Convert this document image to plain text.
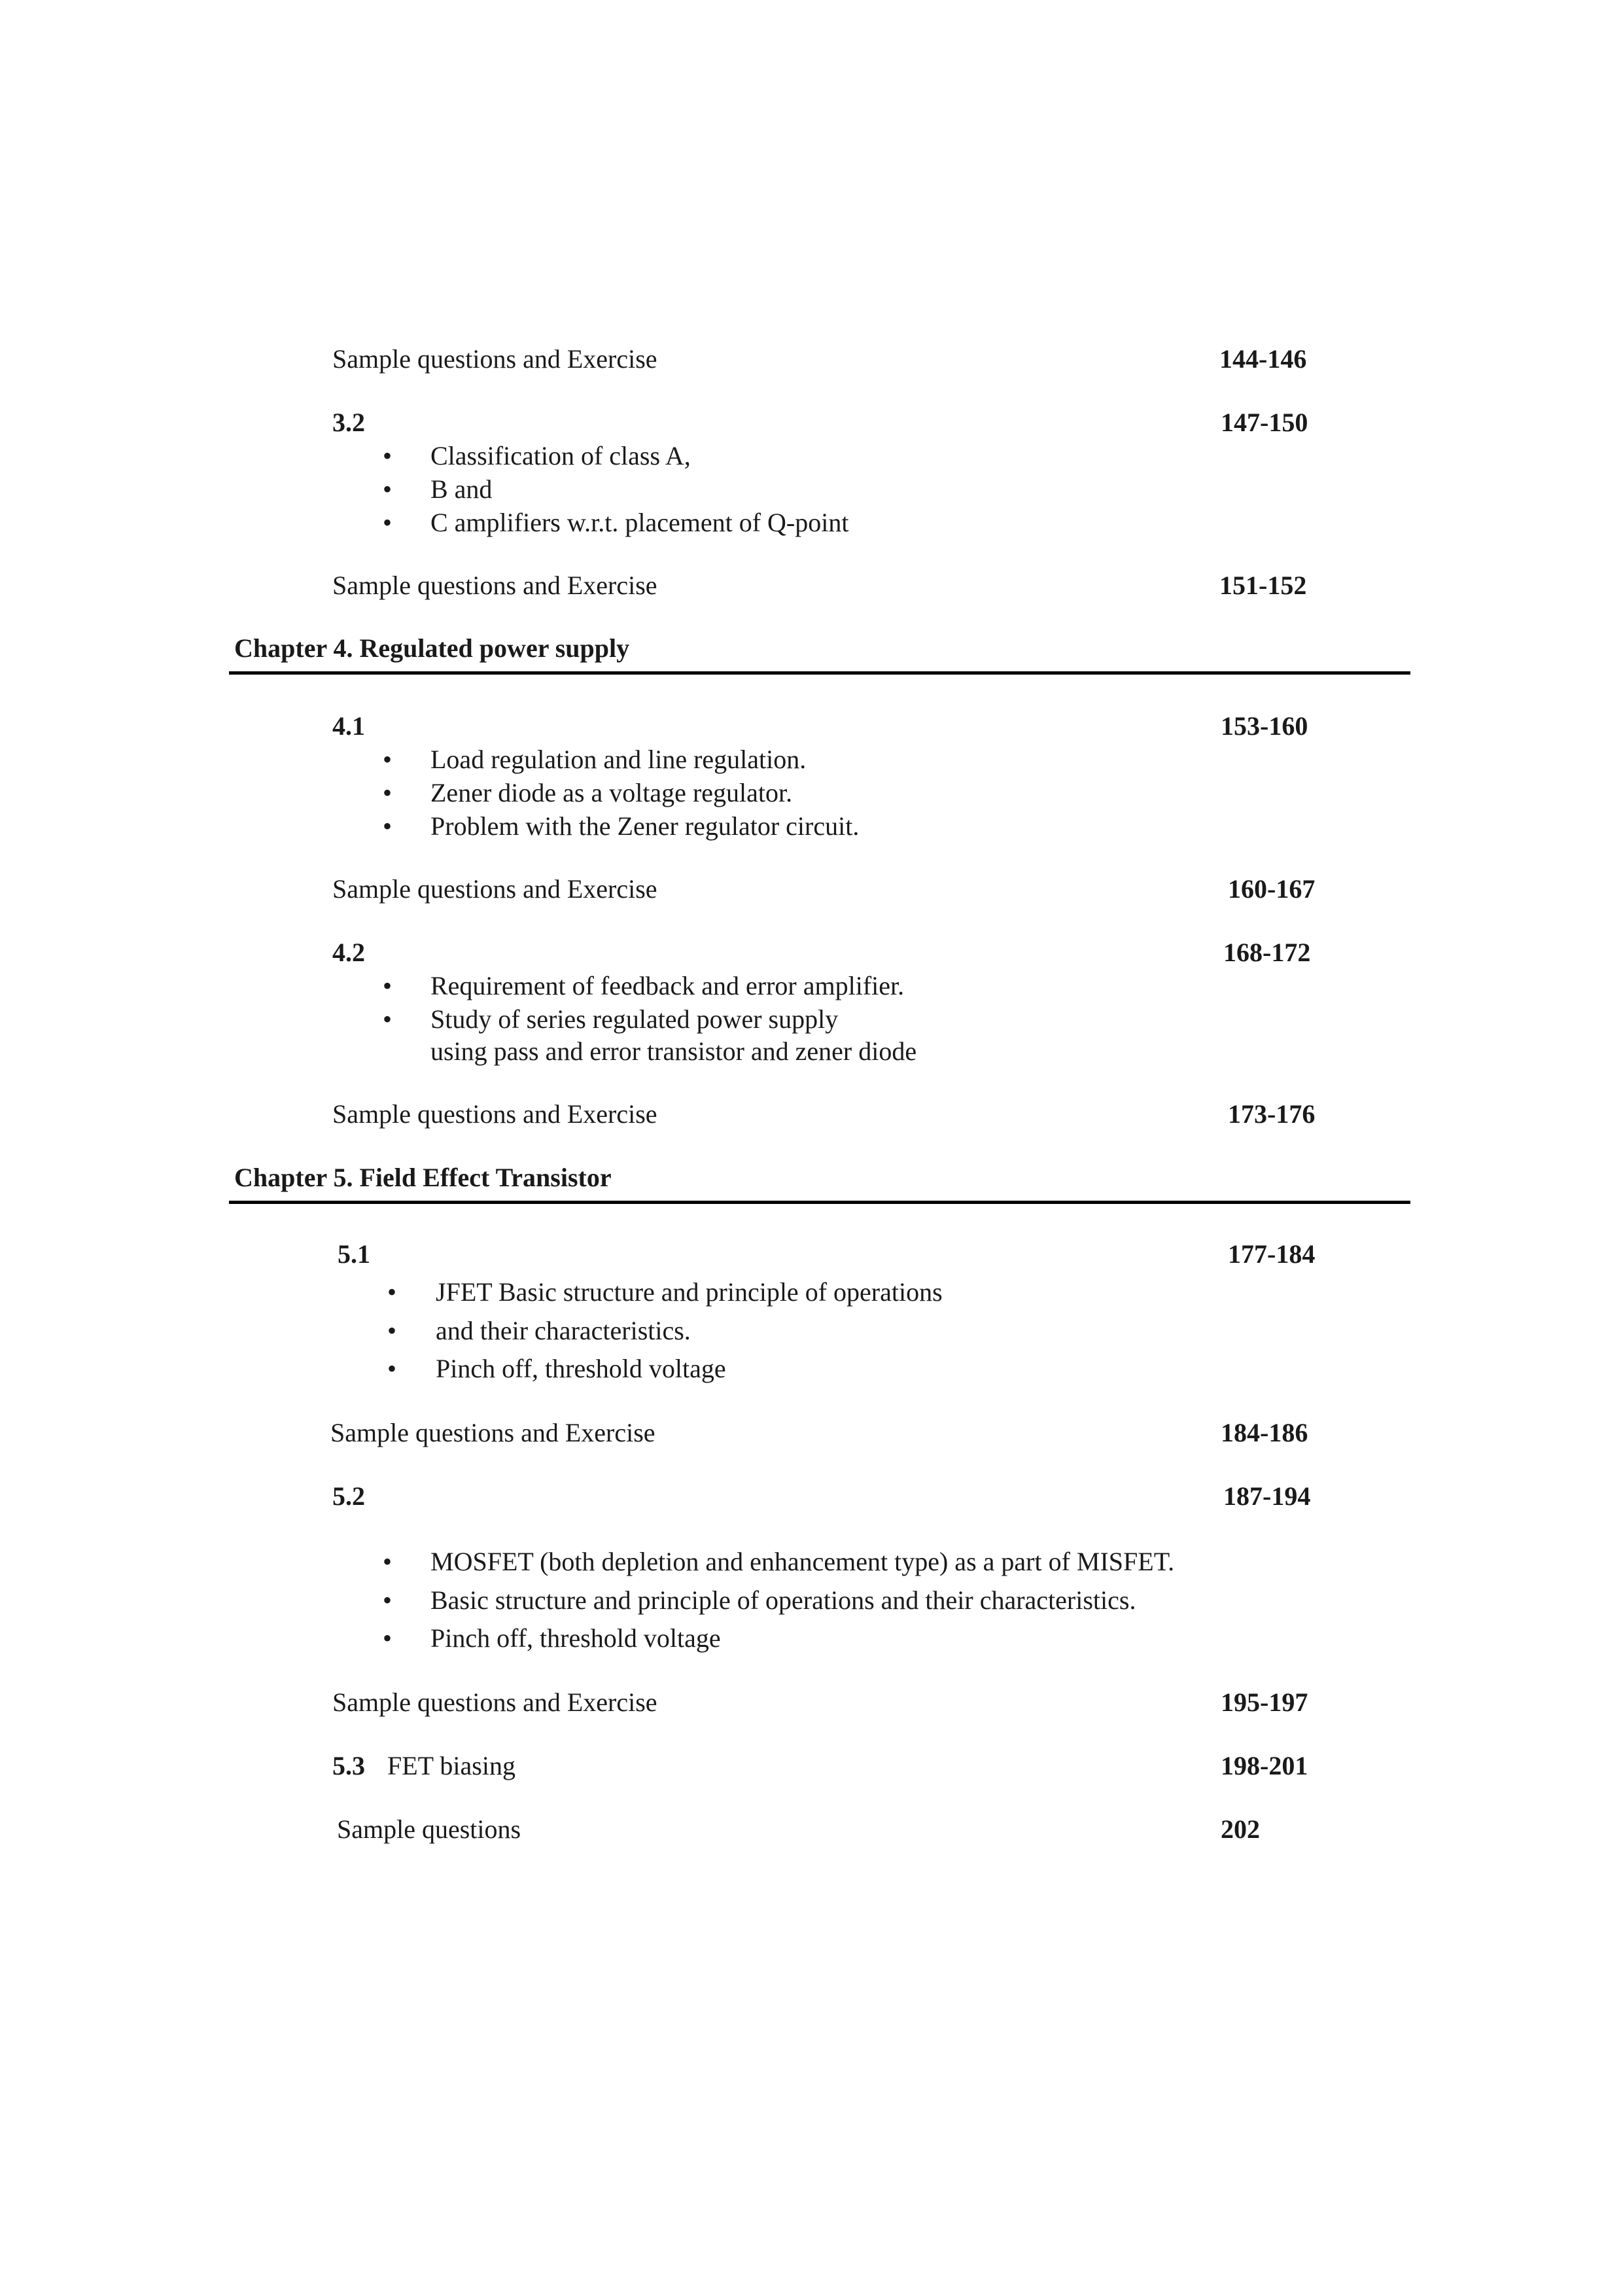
Sample questions and Exercise	144-146
3.2	147-150
• Classification of class A,
• B and
• C amplifiers w.r.t. placement of Q-point
Sample questions and Exercise	151-152
Chapter 4. Regulated power supply
4.1	153-160
• Load regulation and line regulation.
• Zener diode as a voltage regulator.
• Problem with the Zener regulator circuit.
Sample questions and Exercise	160-167
4.2	168-172
• Requirement of feedback and error amplifier.
• Study of series regulated power supply
using pass and error transistor and zener diode
Sample questions and Exercise	173-176
Chapter 5. Field Effect Transistor
5.1	177-184
• JFET Basic structure and principle of operations
• and their characteristics.
• Pinch off, threshold voltage
Sample questions and Exercise	184-186
5.2	187-194
• MOSFET (both depletion and enhancement type) as a part of MISFET.
• Basic structure and principle of operations and their characteristics.
• Pinch off, threshold voltage
Sample questions and Exercise	195-197
5.3 FET biasing	198-201
Sample questions	202
